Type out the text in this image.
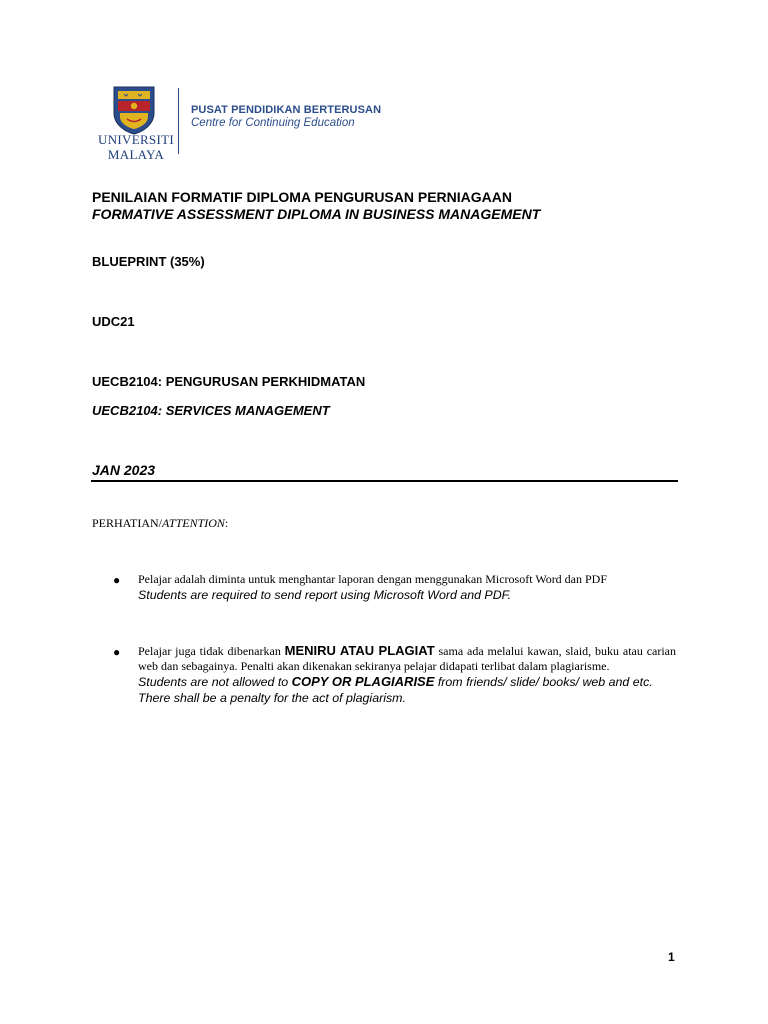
UNIVERSITI
MALAYA
PUSAT PENDIDIKAN BERTERUSAN
Centre for Continuing Education
PENILAIAN FORMATIF DIPLOMA PENGURUSAN PERNIAGAAN
FORMATIVE ASSESSMENT DIPLOMA IN BUSINESS MANAGEMENT
BLUEPRINT (35%)
UDC21
UECB2104: PENGURUSAN PERKHIDMATAN
UECB2104: SERVICES MANAGEMENT
JAN 2023
PERHATIAN/ATTENTION:
● Pelajar adalah diminta untuk menghantar laporan dengan menggunakan Microsoft Word dan PDF
Students are required to send report using Microsoft Word and PDF.
● Pelajar juga tidak dibenarkan MENIRU ATAU PLAGIAT sama ada melalui kawan, slaid, buku atau carian web dan sebagainya. Penalti akan dikenakan sekiranya pelajar didapati terlibat dalam plagiarisme.
Students are not allowed to COPY OR PLAGIARISE from friends/ slide/ books/ web and etc.
There shall be a penalty for the act of plagiarism.
1
